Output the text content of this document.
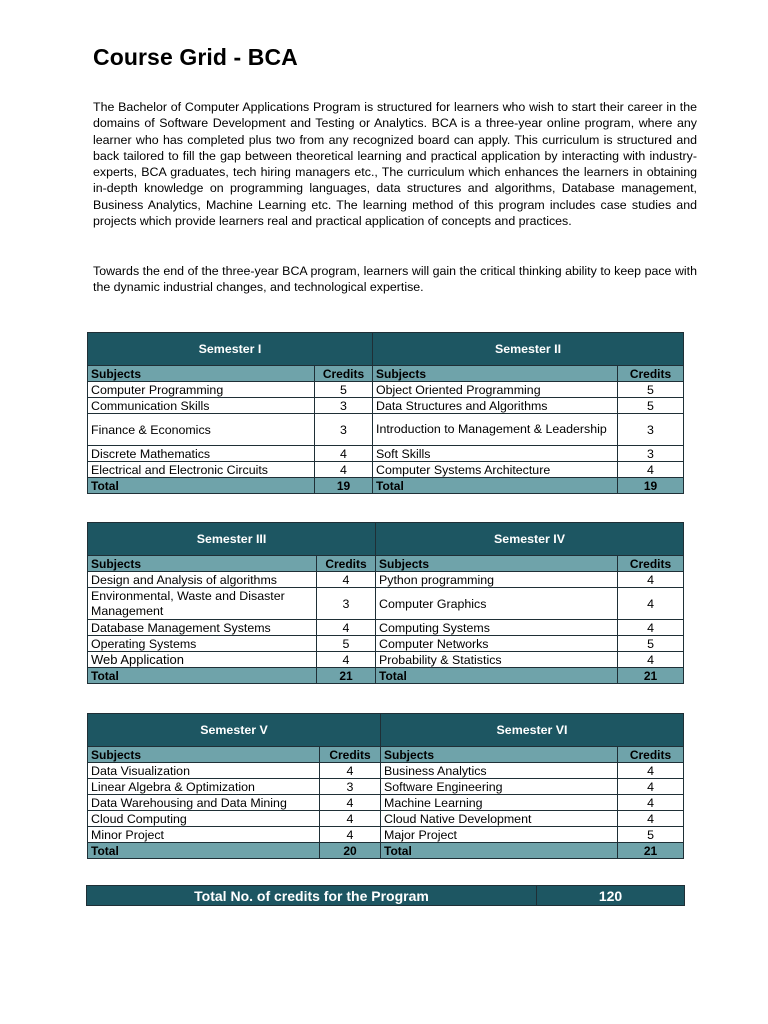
Course Grid - BCA
The Bachelor of Computer Applications Program is structured for learners who wish to start their career in the domains of Software Development and Testing or Analytics. BCA is a three-year online program, where any learner who has completed plus two from any recognized board can apply. This curriculum is structured and back tailored to fill the gap between theoretical learning and practical application by interacting with industry-experts, BCA graduates, tech hiring managers etc., The curriculum which enhances the learners in obtaining in-depth knowledge on programming languages, data structures and algorithms, Database management, Business Analytics, Machine Learning etc. The learning method of this program includes case studies and projects which provide learners real and practical application of concepts and practices.
Towards the end of the three-year BCA program, learners will gain the critical thinking ability to keep pace with the dynamic industrial changes, and technological expertise.
Semester I		Semester II	
Subjects	Credits	Subjects	Credits
Computer Programming	5	Object Oriented Programming	5
Communication Skills	3	Data Structures and Algorithms	5
Finance & Economics	3	Introduction to Management & Leadership	3
Discrete Mathematics	4	Soft Skills	3
Electrical and Electronic Circuits	4	Computer Systems Architecture	4
Total	19	Total	19
Semester III		Semester IV	
Subjects	Credits	Subjects	Credits
Design and Analysis of algorithms	4	Python programming	4
Environmental, Waste and Disaster Management	3	Computer Graphics	4
Database Management Systems	4	Computing Systems	4
Operating Systems	5	Computer Networks	5
Web Application	4	Probability & Statistics	4
Total	21	Total	21
Semester V		Semester VI	
Subjects	Credits	Subjects	Credits
Data Visualization	4	Business Analytics	4
Linear Algebra & Optimization	3	Software Engineering	4
Data Warehousing and Data Mining	4	Machine Learning	4
Cloud Computing	4	Cloud Native Development	4
Minor Project	4	Major Project	5
Total	20	Total	21
Total No. of credits for the Program	120
